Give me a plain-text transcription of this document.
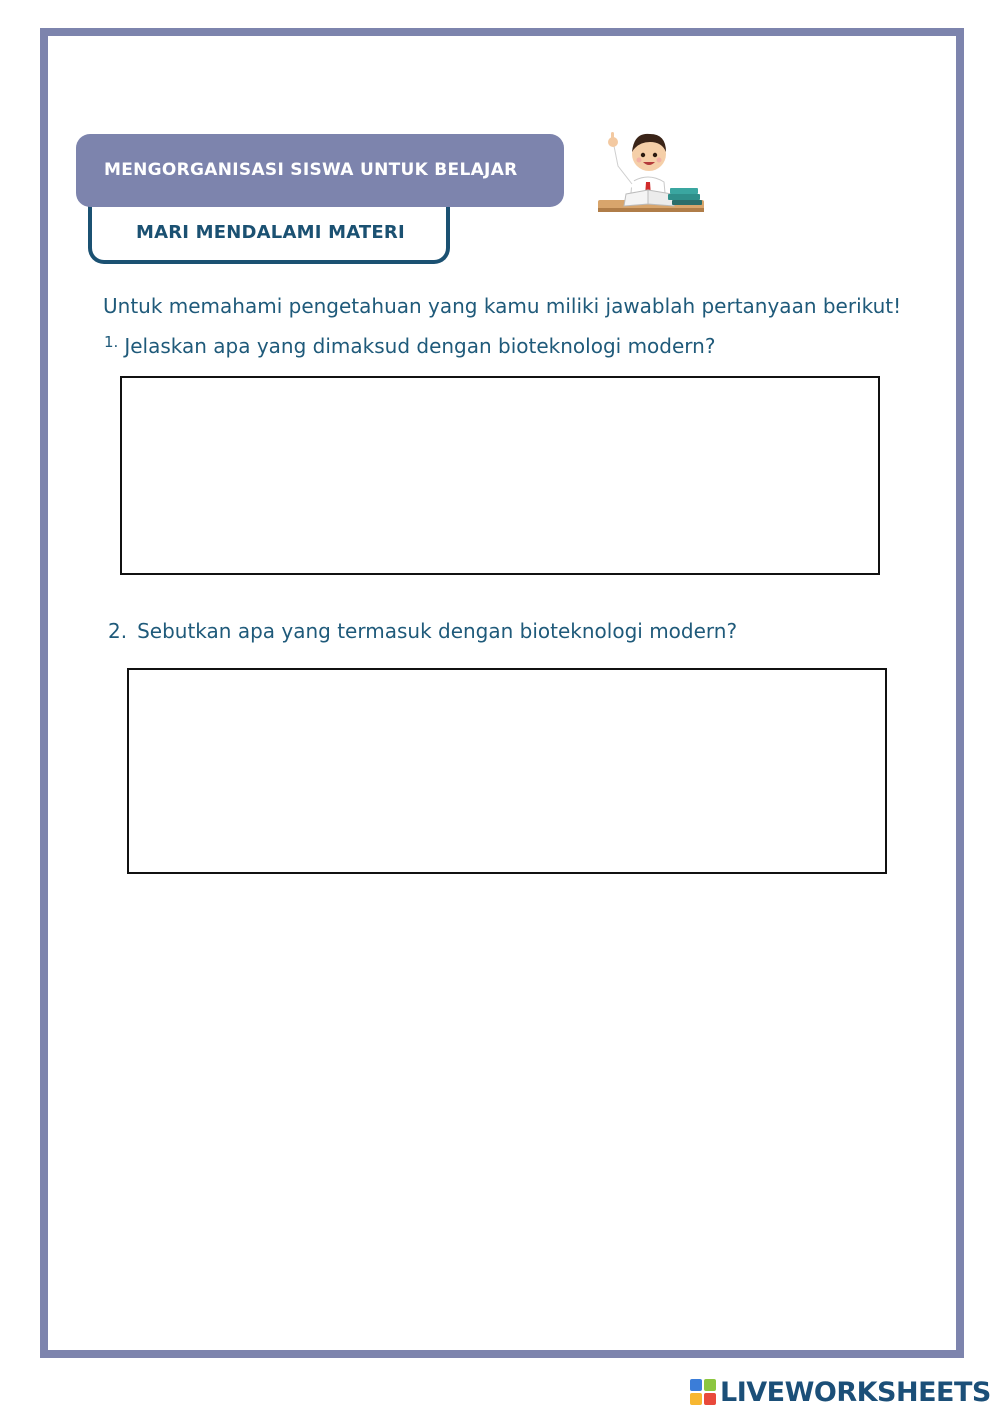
MARI MENDALAMI MATERI
MENGORGANISASI SISWA UNTUK BELAJAR
Untuk memahami pengetahuan yang kamu miliki jawablah pertanyaan berikut!
$^{1.}$ Jelaskan apa yang dimaksud dengan bioteknologi modern?
2. Sebutkan apa yang termasuk dengan bioteknologi modern?
LIVEWORKSHEETS
